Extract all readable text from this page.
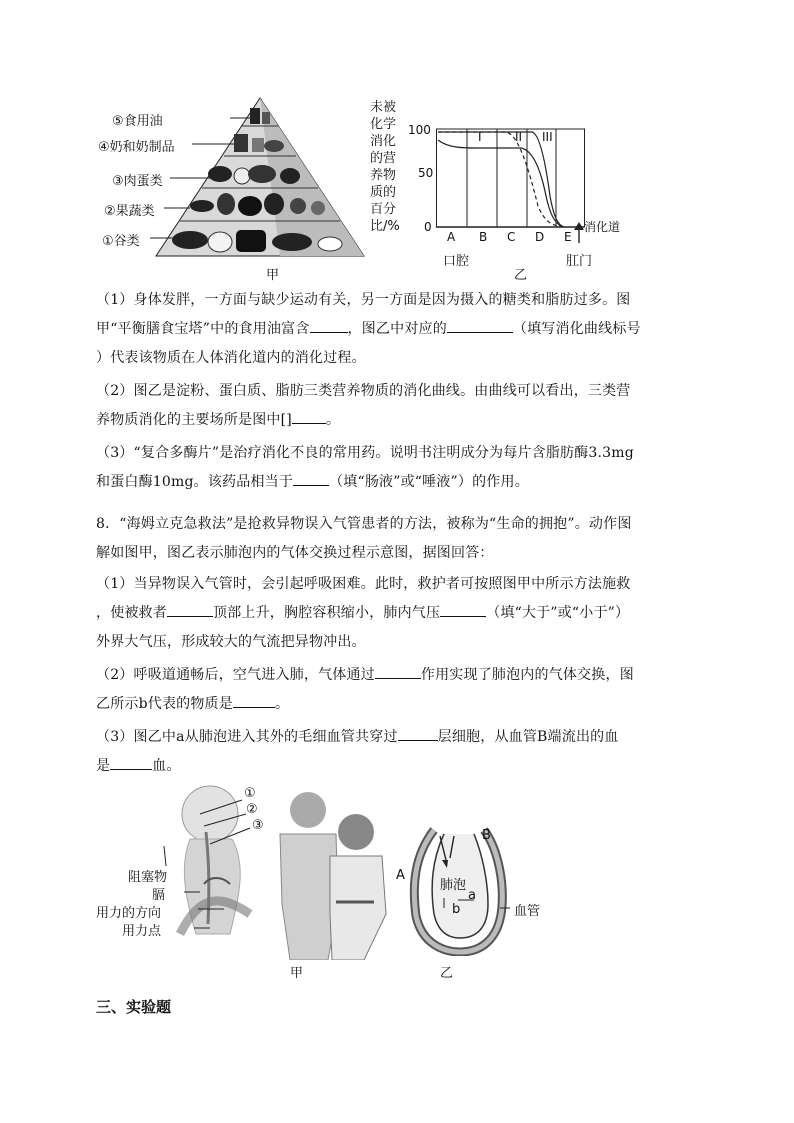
⑤食用油
④奶和奶制品
③肉蛋类
②果蔬类
①谷类
甲
未被
化学
消化
的营
养物
质的
百分
比/%
100
50
0
I	II III
A B C D E
消化道
口腔	肛门
乙

（1）身体发胖，一方面与缺少运动有关，另一方面是因为摄入的糖类和脂肪过多。图

甲“平衡膳食宝塔”中的食用油富含	，图乙中对应的	（填写消化曲线标号

）代表该物质在人体消化道内的消化过程。

（2）图乙是淀粉、蛋白质、脂肪三类营养物质的消化曲线。由曲线可以看出，三类营

养物质消化的主要场所是图中[] 。

（3）“复合多酶片”是治疗消化不良的常用药。说明书注明成分为每片含脂肪酶3.3mg

和蛋白酶10mg。该药品相当于	（填“肠液”或“唾液”）的作用。

8．“海姆立克急救法”是抢救异物误入气管患者的方法，被称为“生命的拥抱”。动作图

解如图甲，图乙表示肺泡内的气体交换过程示意图，据图回答：

（1）当异物误入气管时，会引起呼吸困难。此时，救护者可按照图甲中所示方法施救

，使被救者	顶部上升，胸腔容积缩小，肺内气压	（填“大于”或“小于”）

外界大气压，形成较大的气流把异物冲出。

（2）呼吸道通畅后，空气进入肺，气体通过	作用实现了肺泡内的气体交换，图

乙所示b代表的物质是	。

（3）图乙中a从肺泡进入其外的毛细血管共穿过	层细胞，从血管B端流出的血

是	血。

①
②
③
阻塞物
膈
用力的方向
用力点
甲
A
B
肺泡
a
b	血管
乙
三、实验题
